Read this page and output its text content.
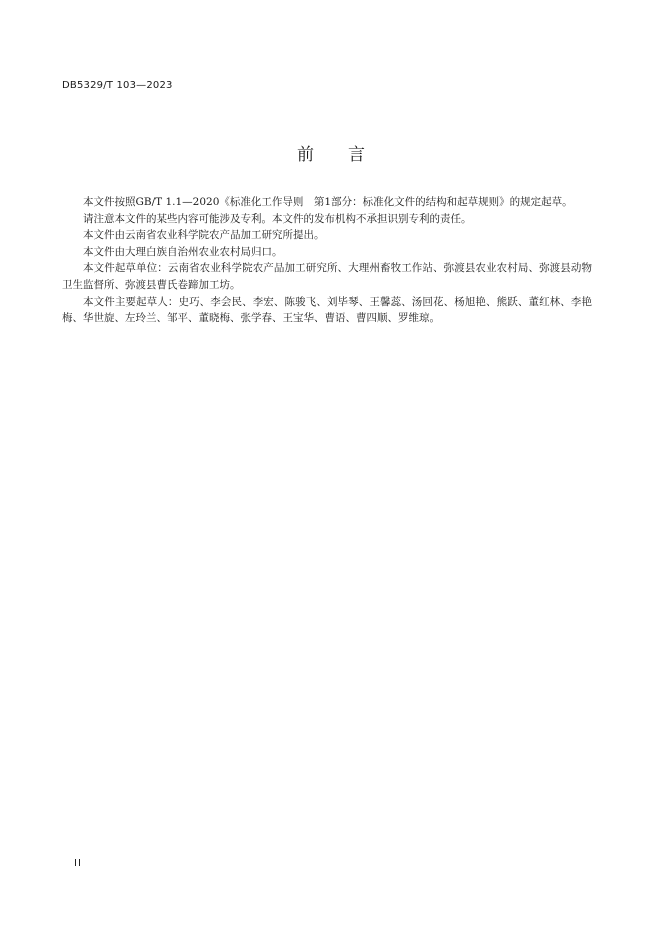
DB5329/T 103—2023
前 言

本文件按照GB/T 1.1—2020《标准化工作导则　第1部分：标准化文件的结构和起草规则》的规定起草。

请注意本文件的某些内容可能涉及专利。本文件的发布机构不承担识别专利的责任。

本文件由云南省农业科学院农产品加工研究所提出。

本文件由大理白族自治州农业农村局归口。

本文件起草单位：云南省农业科学院农产品加工研究所、大理州畜牧工作站、弥渡县农业农村局、弥渡县动物卫生监督所、弥渡县曹氏卷蹄加工坊。

本文件主要起草人：史巧、李会民、李宏、陈骏飞、刘毕琴、王馨蕊、汤回花、杨旭艳、熊跃、董红林、李艳梅、华世旋、左玲兰、邹平、董晓梅、张学春、王宝华、曹语、曹四顺、罗维琼。

II
